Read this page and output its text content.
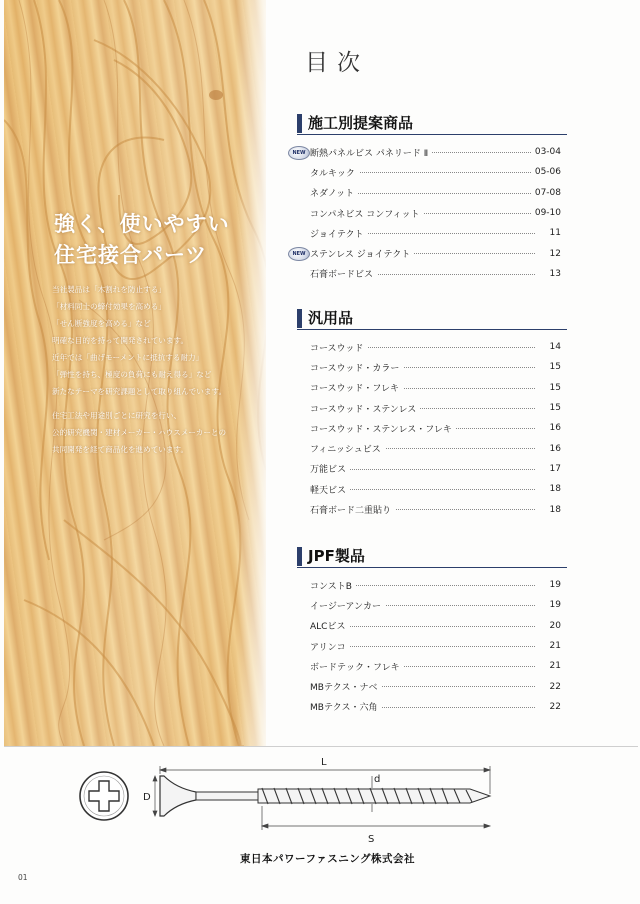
強く、使いやすい
住宅接合パーツ
当社製品は「木割れを防止する」
「材料同士の締付効果を高める」
「せん断強度を高める」など
明確な目的を持って開発されています。
近年では「曲げモーメントに抵抗する耐力」
「弾性を持ち、極度の負荷にも耐え得る」など
新たなテーマを研究課題として取り組んでいます。
住宅工法や用途別ごとに研究を行い、
公的研究機関・建材メーカー・ハウスメーカーとの
共同開発を経て商品化を進めています。
目次
施工別提案商品
NEW 断熱パネルビス パネリード Ⅱ	03-04
タルキック	05-06
ネダノット	07-08
コンパネビス コンフィット	09-10
ジョイテクト	11
NEW ステンレス ジョイテクト	12
石膏ボードビス	13
汎用品
コースウッド	14
コースウッド・カラー	15
コースウッド・フレキ	15
コースウッド・ステンレス	15
コースウッド・ステンレス・フレキ	16
フィニッシュビス	16
万能ビス	17
軽天ビス	18
石膏ボード二重貼り	18
JPF製品
コンストB	19
イージーアンカー	19
ALCビス	20
アリンコ	21
ボードテック・フレキ	21
MBテクス・ナベ	22
MBテクス・六角	22
L
d
D
S
東日本パワーファスニング株式会社
01
